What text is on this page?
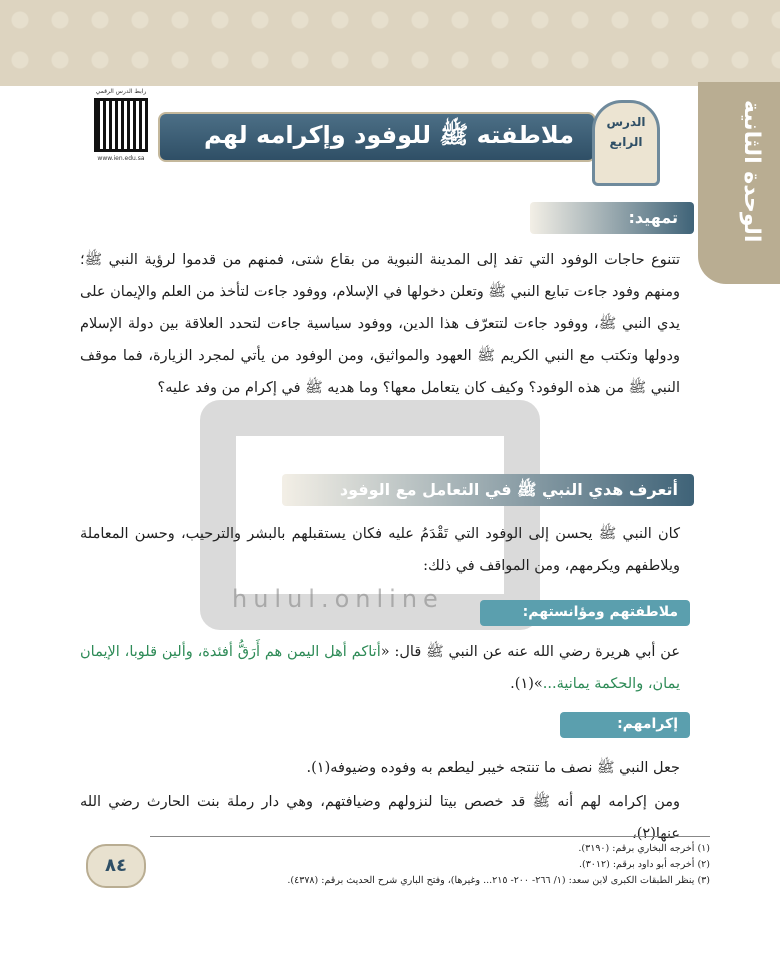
الوحدة الثانية
رابط الدرس الرقمي
www.ien.edu.sa
ملاطفته ﷺ للوفود وإكرامه لهم	الدرس
الرابع
تمهيد:
تتنوع حاجات الوفود التي تفد إلى المدينة النبوية من بقاع شتى، فمنهم من قدموا لرؤية النبي ﷺ؛ ومنهم وفود جاءت تبايع النبي ﷺ وتعلن دخولها في الإسلام، ووفود جاءت لتأخذ من العلم والإيمان على يدي النبي ﷺ، ووفود جاءت لتتعرّف هذا الدين، ووفود سياسية جاءت لتحدد العلاقة بين دولة الإسلام ودولها وتكتب مع النبي الكريم ﷺ العهود والمواثيق، ومن الوفود من يأتي لمجرد الزيارة، فما موقف النبي ﷺ من هذه الوفود؟ وكيف كان يتعامل معها؟ وما هديه ﷺ في إكرام من وفد عليه؟
hulul.online
أتعرف هدي النبي ﷺ في التعامل مع الوفود والضيوف:
كان النبي ﷺ يحسن إلى الوفود التي تَقْدَمُ عليه فكان يستقبلهم بالبشر والترحيب، وحسن المعاملة ويلاطفهم ويكرمهم، ومن المواقف في ذلك:
ملاطفتهم ومؤانستهم:
عن أبي هريرة رضي الله عنه عن النبي ﷺ قال: «أتاكم أهل اليمن هم أَرَقُّ أفئدة، وألين قلوبا، الإيمان يمان، والحكمة يمانية...»(١).
إكرامهم:
جعل النبي ﷺ نصف ما تنتجه خيبر ليطعم به وفوده وضيوفه(١).
ومن إكرامه لهم أنه ﷺ قد خصص بيتا لنزولهم وضيافتهم، وهي دار رملة بنت الحارث رضي الله عنها(٢)،
(١) أخرجه البخاري برقم: (٣١٩٠).
(٢) أخرجه أبو داود برقم: (٣٠١٢).
(٣) ينظر الطبقات الكبرى لابن سعد: (١/ ٢٦٦- ٢٠٠- ٢١٥... وغيرها)، وفتح الباري شرح الحديث برقم: (٤٣٧٨).
٨٤
